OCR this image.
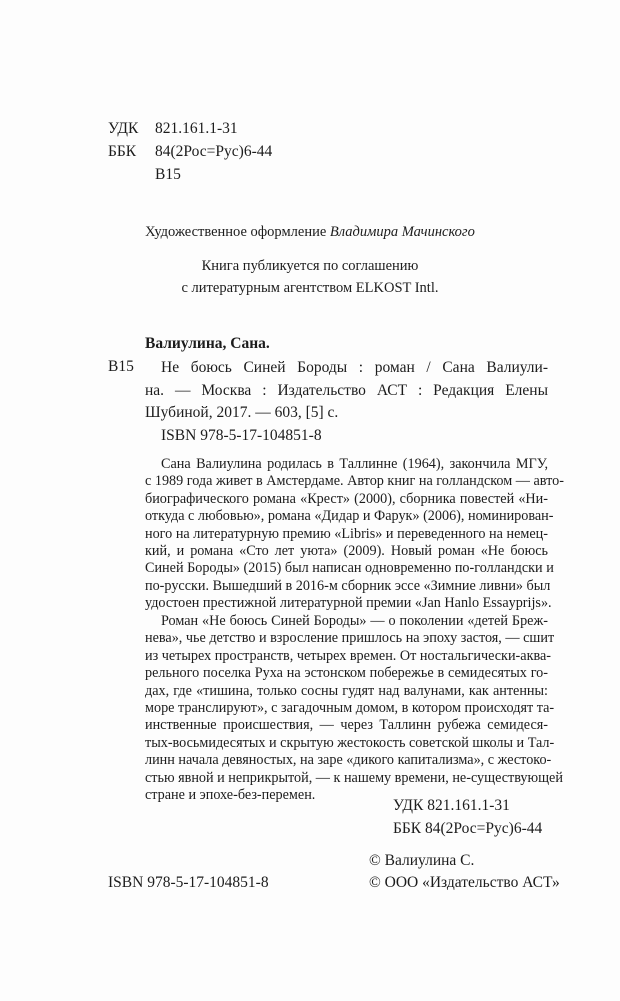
УДК 821.161.1-31
ББК 84(2Рос=Рус)6-44
В15
Художественное оформление Владимира Мачинского
Книга публикуется по соглашению
с литературным агентством ELKOST Intl.
Валиулина, Сана.
В15	Не боюсь Синей Бороды : роман / Сана Валиули-
на. — Москва : Издательство АСТ : Редакция Елены
Шубиной, 2017. — 603, [5] с.
ISBN 978-5-17-104851-8
Сана Валиулина родилась в Таллинне (1964), закончила МГУ,
с 1989 года живет в Амстердаме. Автор книг на голландском — авто-
биографического романа «Крест» (2000), сборника повестей «Ни-
откуда с любовью», романа «Дидар и Фарук» (2006), номинирован-
ного на литературную премию «Libris» и переведенного на немец-
кий, и романа «Сто лет уюта» (2009). Новый роман «Не боюсь
Синей Бороды» (2015) был написан одновременно по-голландски и
по-русски. Вышедший в 2016-м сборник эссе «Зимние ливни» был
удостоен престижной литературной премии «Jan Hanlo Essayprijs».
Роман «Не боюсь Синей Бороды» — о поколении «детей Бреж-
нева», чье детство и взросление пришлось на эпоху застоя, — сшит
из четырех пространств, четырех времен. От ностальгически-аква-
рельного поселка Руха на эстонском побережье в семидесятых го-
дах, где «тишина, только сосны гудят над валунами, как антенны:
море транслируют», с загадочным домом, в котором происходят та-
инственные происшествия, — через Таллинн рубежа семидеся-
тых-восьмидесятых и скрытую жестокость советской школы и Тал-
линн начала девяностых, на заре «дикого капитализма», с жестоко-
стью явной и неприкрытой, — к нашему времени, не-существующей
стране и эпохе-без-перемен.
УДК 821.161.1-31
ББК 84(2Рос=Рус)6-44
© Валиулина С.
© ООО «Издательство АСТ»
ISBN 978-5-17-104851-8
